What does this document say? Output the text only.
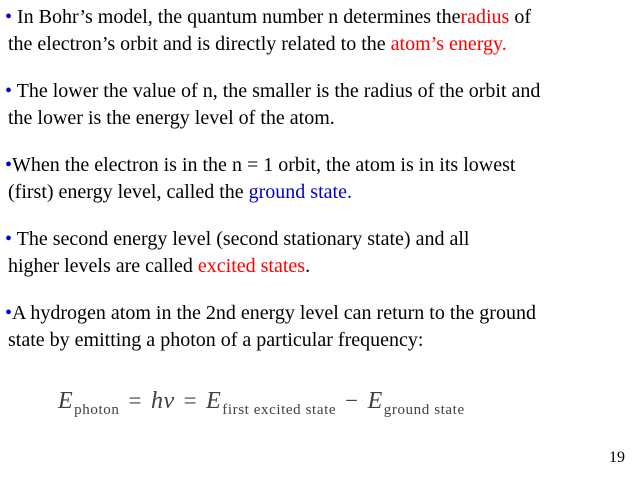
• In Bohr’s model, the quantum number n determines theradius of
the electron’s orbit and is directly related to the atom’s energy.
• The lower the value of n, the smaller is the radius of the orbit and
the lower is the energy level of the atom.
•When the electron is in the n = 1 orbit, the atom is in its lowest
(first) energy level, called the ground state.
• The second energy level (second stationary state) and all
higher levels are called excited states.
•A hydrogen atom in the 2nd energy level can return to the ground
state by emitting a photon of a particular frequency:
$E_{photon} = h\nu = E_{first excited state} - E_{ground state}$
19
